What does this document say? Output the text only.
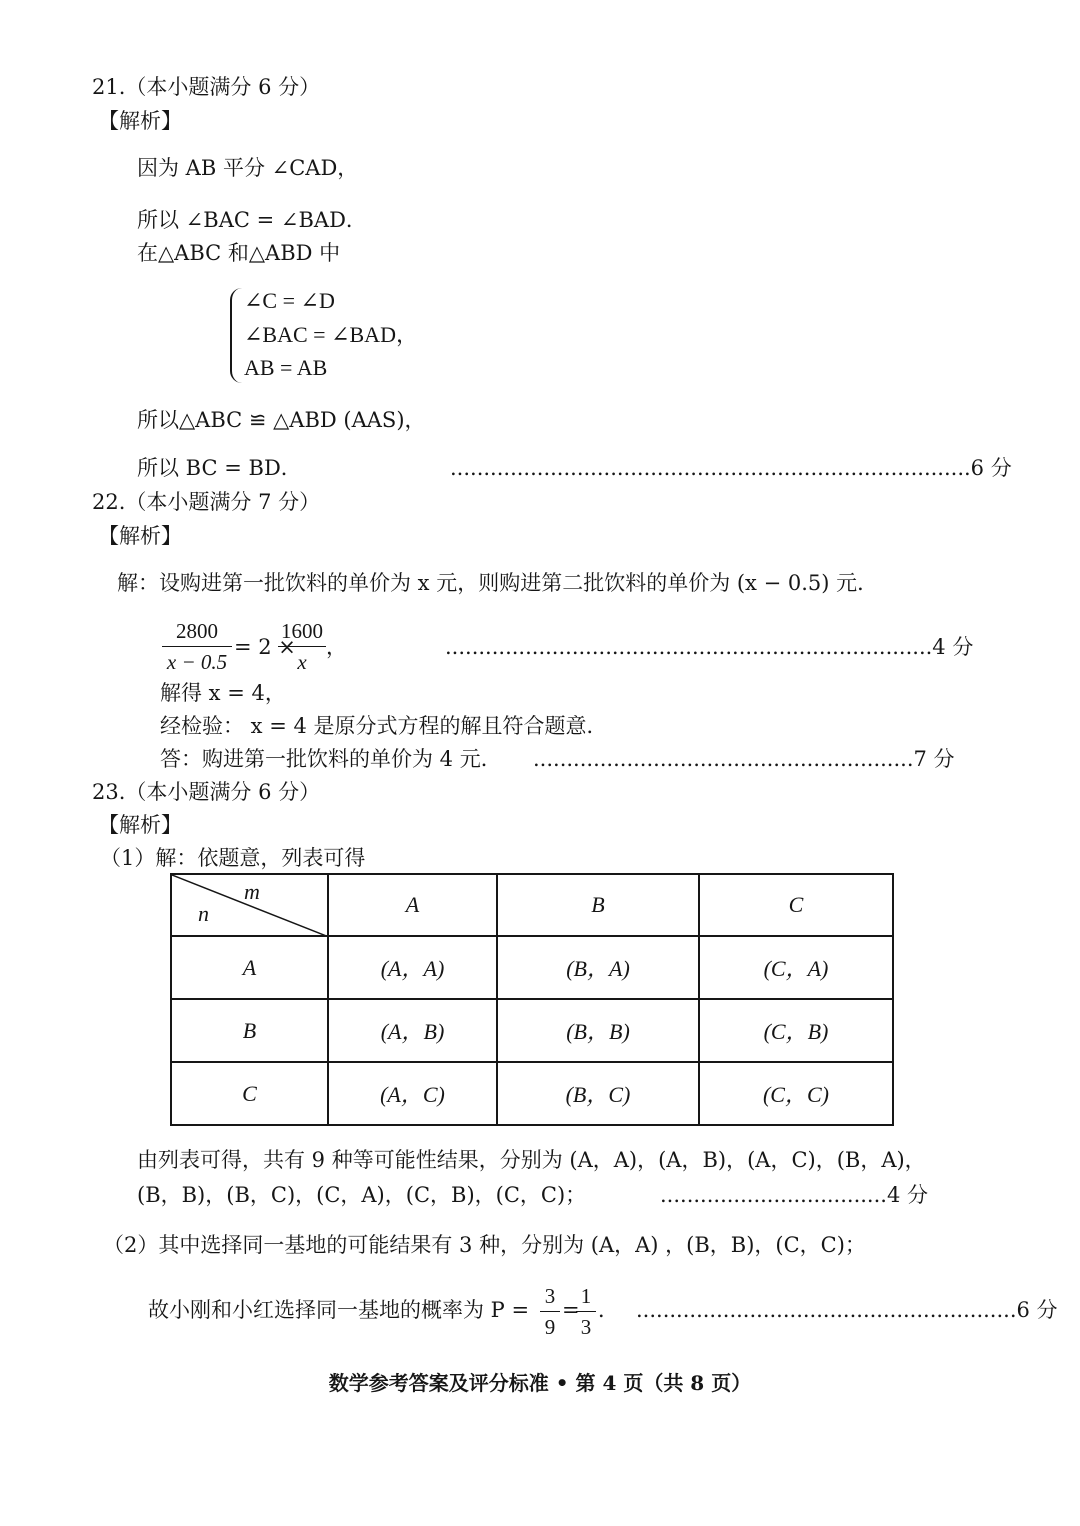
21.（本小题满分 6 分）
【解析】
因为 AB 平分 ∠CAD，
所以 ∠BAC = ∠BAD．
在△ABC 和△ABD 中
∠C = ∠D
∠BAC = ∠BAD，
AB = AB
所以△ABC ≌ △ABD (AAS)，
所以 BC = BD．	..............................................................................6 分
22.（本小题满分 7 分）
【解析】
解：设购进第一批饮料的单价为 x 元，则购进第二批饮料的单价为 (x − 0.5) 元．
2800
x − 0.5
= 2 ×
1600
x
，	.........................................................................4 分
解得 x = 4，
经检验： x = 4 是原分式方程的解且符合题意．
答：购进第一批饮料的单价为 4 元． .........................................................7 分
23.（本小题满分 6 分）
【解析】
（1）解：依题意，列表可得
m
n	A	B	C
A	(A，A)	(B，A)	(C，A)
B	(A，B)	(B，B)	(C，B)
C	(A，C)	(B，C)	(C，C)
由列表可得，共有 9 种等可能性结果，分别为 (A，A)，(A，B)，(A，C)，(B，A)，
(B，B)，(B，C)，(C，A)，(C，B)，(C，C)；	..................................4 分
（2）其中选择同一基地的可能结果有 3 种，分别为 (A，A) ，(B，B)，(C，C)；
故小刚和小红选择同一基地的概率为 P =
3
9
=
1
3
． .........................................................6 分
数学参考答案及评分标准 • 第 4 页（共 8 页）
